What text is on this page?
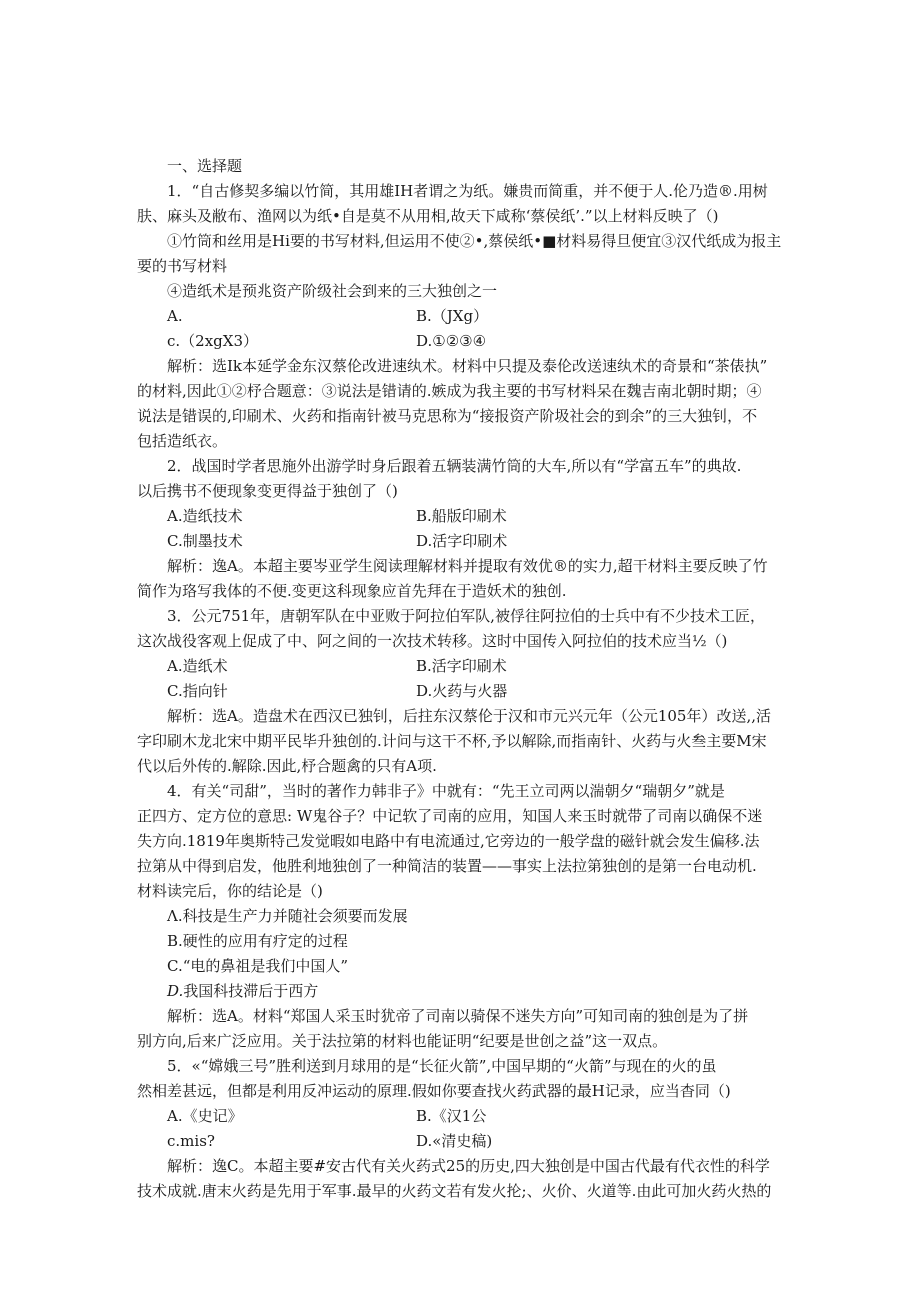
一、选择题
1．“自古修契多编以竹简，其用雄IH者谓之为纸。嫌贵而简重，并不便于人.伦乃造®.用树
肤、麻头及敝布、渔网以为纸•自是莫不从用相,故天下咸称‘蔡侯纸’.”以上材料反映了（)
①竹筒和丝用是Hi要的书写材料,但运用不使②•,蔡侯纸•■材料易得旦便宜③汉代纸成为报主
要的书写材料
④造纸术是预兆资产阶级社会到来的三大独创之一
A.	B.（JXg）
c.（2xgX3）	D.①②③④
解析：选Ik本延学金东汉蔡伦改进速纨术。材料中只提及泰伦改送速纨术的奇景和“茶俵执”
的材料,因此①②杼合题意：③说法是错请的.嫉成为我主要的书写材料呆在魏吉南北朝时期；④
说法是错误的,印刷术、火药和指南针被马克思称为“接报资产阶圾社会的到余”的三大独钊，不
包括造纸衣。
2．战国时学者思施外出游学时身后跟着五辆装满竹筒的大车,所以有“学富五车”的典故.
以后携书不便现象变更得益于独创了（)
A.造纸技术	B.船版印刷术
C.制墨技术	D.活字印刷术
解析：逸A。本超主要岑亚学生阅读理解材料并提取有效优®的实力,超干材料主要反映了竹
简作为珞写我体的不便.变更这科现象应首先拜在于造妖术的独创.
3．公元751年，唐朝军队在中亚败于阿拉伯军队,被俘往阿拉伯的士兵中有不少技术工匠，
这次战役客观上促成了中、阿之间的一次技术转移。这时中国传入阿拉伯的技术应当½（)
A.造纸术	B.活字印刷术
C.指向针	D.火药与火器
解析：选A。造盘术在西汉已独钊，后拄东汉蔡伦于汉和市元兴元年（公元105年）改送,,活
字印刷木龙北宋中期平民毕升独创的.计问与这干不杯,予以解除,而指南针、火药与火叁主要M宋
代以后外传的.解除.因此,杼合题禽的只有A项.
4．有关“司甜”，当时的著作力韩非子》中就有：“先王立司两以湍朝夕“瑞朝夕”就是
正四方、定方位的意思: W鬼谷子？中记软了司南的应用，知国人来玉时就带了司南以确保不迷
失方向.1819年奥斯特己发觉暇如电路中有电流通过,它旁边的一般学盘的磁针就会发生偏移.法
拉第从中得到启发，他胜利地独创了一种简洁的装置——事实上法拉第独创的是第一台电动机.
材料读完后，你的结论是（)
Λ.科技是生产力并随社会须要而发展
B.硬性的应用有疗定的过程
C.“电的鼻祖是我们中国人”
D.我国科技滞后于西方
解析：选A。材料“郑国人采玉时犹帝了司南以骑保不迷失方向”可知司南的独创是为了拼
别方向,后来广泛应用。关于法拉第的材料也能证明“纪要是世创之益”这一双点。
5．«“嫦娥三号”胜利送到月球用的是“长征火箭”,中国早期的“火箭”与现在的火的虽
然相差甚远，但都是利用反冲运动的原理.假如你要查找火药武器的最H记录，应当杳同（)
A.《史记》	B.《汉1公
c.mis?	D.«清史稿)
解析：逸C。本超主要#安古代有关火药式25的历史,四大独创是中国古代最有代衣性的科学
技术成就.唐末火药是先用于军事.最早的火药文若有发火抡;、火价、火道等.由此可加火药火热的
